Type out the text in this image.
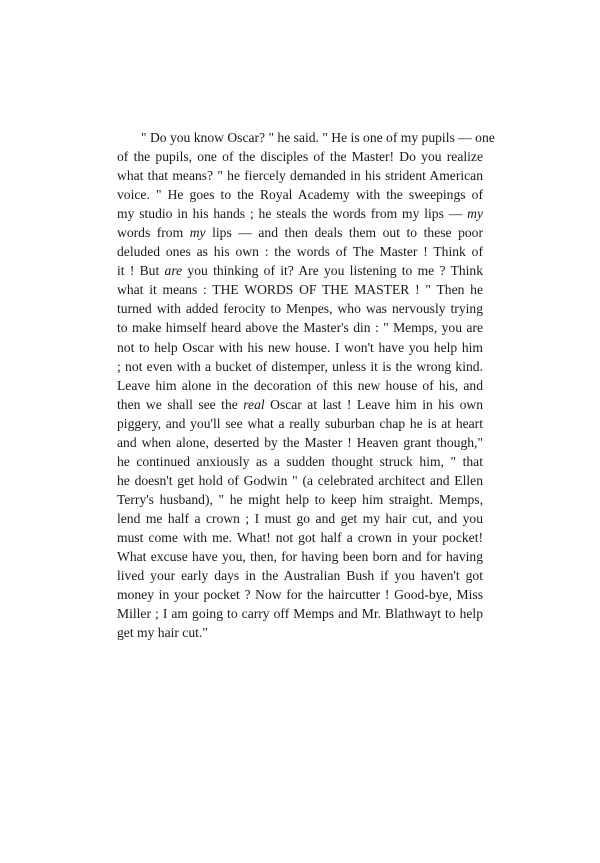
" Do you know Oscar? " he said. " He is one of my pupils — one
of the pupils, one of the disciples of the Master! Do you realize
what that means? " he fiercely demanded in his strident American
voice. " He goes to the Royal Academy with the sweepings of
my studio in his hands ; he steals the words from my lips — my
words from my lips — and then deals them out to these poor
deluded ones as his own : the words of The Master ! Think of
it ! But are you thinking of it? Are you listening to me ? Think
what it means : THE WORDS OF THE MASTER ! " Then he
turned with added ferocity to Menpes, who was nervously trying
to make himself heard above the Master's din : " Memps, you are
not to help Oscar with his new house. I won't have you help him
; not even with a bucket of distemper, unless it is the wrong kind.
Leave him alone in the decoration of this new house of his, and
then we shall see the real Oscar at last ! Leave him in his own
piggery, and you'll see what a really suburban chap he is at heart
and when alone, deserted by the Master ! Heaven grant though,"
he continued anxiously as a sudden thought struck him, " that
he doesn't get hold of Godwin " (a celebrated architect and Ellen
Terry's husband), " he might help to keep him straight. Memps,
lend me half a crown ; I must go and get my hair cut, and you
must come with me. What! not got half a crown in your pocket!
What excuse have you, then, for having been born and for having
lived your early days in the Australian Bush if you haven't got
money in your pocket ? Now for the haircutter ! Good-bye, Miss
Miller ; I am going to carry off Memps and Mr. Blathwayt to help
get my hair cut."
